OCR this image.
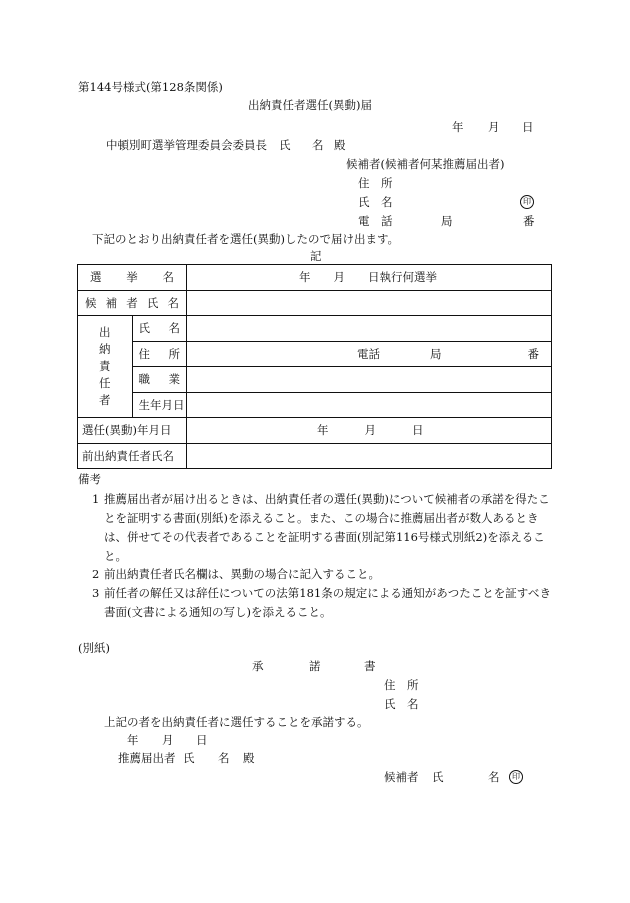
第144号様式(第128条関係)
出納責任者選任(異動)届
年 月 日
中頓別町選挙管理委員会委員長 氏 名 殿
候補者(候補者何某推薦届出者)
住　所
氏　名	印
電　話	局	番
下記のとおり出納責任者を選任(異動)したので届け出ます。
記
選 挙 名		年　　月　　日執行何選挙

候 補 者 氏 名		

出
納
責
任
者	氏 名	

	住 所	電話 局 番

	職 業	

	生 年 月 日	

選任(異動)年月日		年 月 日
前出納責任者氏名		
備考
1 推薦届出者が届け出るときは、出納責任者の選任(異動)について候補者の承諾を得たことを証明する書面(別紙)を添えること。また、この場合に推薦届出者が数人あるときは、併せてその代表者であることを証明する書面(別記第116号様式別紙2)を添えること。
2 前出納責任者氏名欄は、異動の場合に記入すること。
3 前任者の解任又は辞任についての法第181条の規定による通知があつたことを証すべき書面(文書による通知の写し)を添えること。
(別紙)
承	諾	書
住　所
氏　名
上記の者を出納責任者に選任することを承諾する。
年 月 日
推薦届出者 氏 名 殿
候補者 氏	名	印
